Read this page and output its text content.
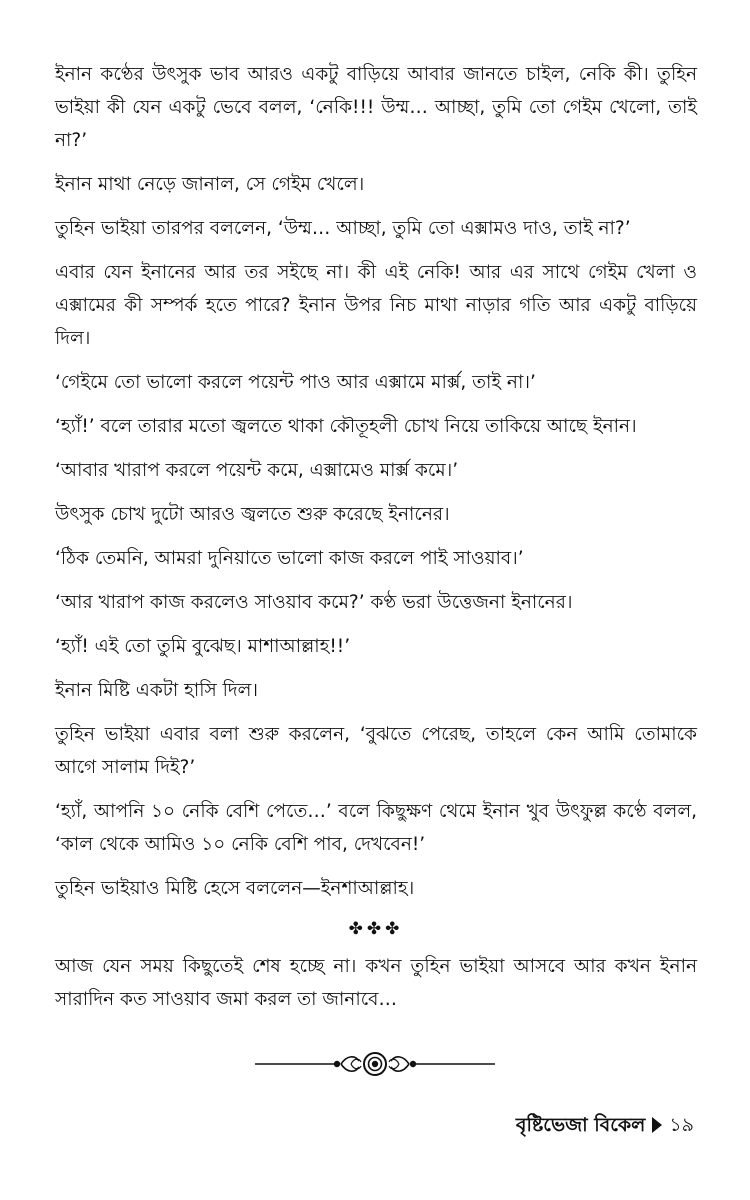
ইনান কণ্ঠের উৎসুক ভাব আরও একটু বাড়িয়ে আবার জানতে চাইল, নেকি কী। তুহিন ভাইয়া কী যেন একটু ভেবে বলল, ‘নেকি!!! উম্ম… আচ্ছা, তুমি তো গেইম খেলো, তাই না?’

ইনান মাথা নেড়ে জানাল, সে গেইম খেলে।

তুহিন ভাইয়া তারপর বললেন, ‘উম্ম… আচ্ছা, তুমি তো এক্সামও দাও, তাই না?’

এবার যেন ইনানের আর তর সইছে না। কী এই নেকি! আর এর সাথে গেইম খেলা ও এক্সামের কী সম্পর্ক হতে পারে? ইনান উপর নিচ মাথা নাড়ার গতি আর একটু বাড়িয়ে দিল।

‘গেইমে তো ভালো করলে পয়েন্ট পাও আর এক্সামে মার্ক্স, তাই না।’

‘হ্যাঁ!’ বলে তারার মতো জ্বলতে থাকা কৌতূহলী চোখ নিয়ে তাকিয়ে আছে ইনান।

‘আবার খারাপ করলে পয়েন্ট কমে, এক্সামেও মার্ক্স কমে।’

উৎসুক চোখ দুটো আরও জ্বলতে শুরু করেছে ইনানের।

‘ঠিক তেমনি, আমরা দুনিয়াতে ভালো কাজ করলে পাই সাওয়াব।’

‘আর খারাপ কাজ করলেও সাওয়াব কমে?’ কণ্ঠ ভরা উত্তেজনা ইনানের।

‘হ্যাঁ! এই তো তুমি বুঝেছ। মাশাআল্লাহ!!’

ইনান মিষ্টি একটা হাসি দিল।

তুহিন ভাইয়া এবার বলা শুরু করলেন, ‘বুঝতে পেরেছ, তাহলে কেন আমি তোমাকে আগে সালাম দিই?’

‘হ্যাঁ, আপনি ১০ নেকি বেশি পেতে…’ বলে কিছুক্ষণ থেমে ইনান খুব উৎফুল্ল কণ্ঠে বলল, ‘কাল থেকে আমিও ১০ নেকি বেশি পাব, দেখবেন!’

তুহিন ভাইয়াও মিষ্টি হেসে বললেন—ইনশাআল্লাহ।

✤✤✤

আজ যেন সময় কিছুতেই শেষ হচ্ছে না। কখন তুহিন ভাইয়া আসবে আর কখন ইনান সারাদিন কত সাওয়াব জমা করল তা জানাবে…

বৃষ্টিভেজা বিকেল ১৯
